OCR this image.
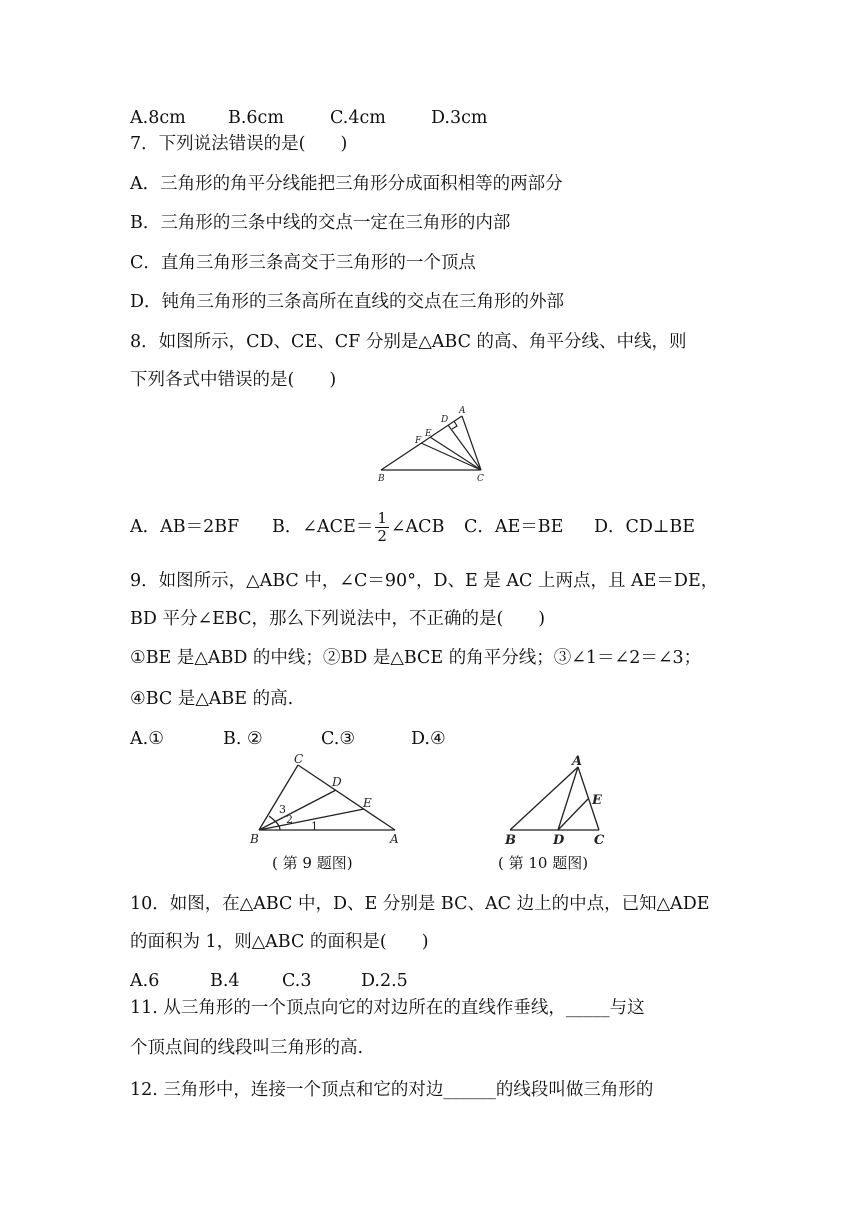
A.8cm B.6cm	C.4cm	D.3cm
7．下列说法错误的是(　　)
A．三角形的角平分线能把三角形分成面积相等的两部分
B．三角形的三条中线的交点一定在三角形的内部
C．直角三角形三条高交于三角形的一个顶点
D．钝角三角形的三条高所在直线的交点在三角形的外部
8．如图所示，CD、CE、CF 分别是△ABC 的高、角平分线、中线，则
下列各式中错误的是(　　)
A
B	C
D
E
F
A．AB＝2BF B．∠ACE＝ $\frac{1}{2}$ ∠ACB C．AE＝BE D．CD⊥BE
9．如图所示，△ABC 中，∠C＝90°，D、E 是 AC 上两点，且 AE＝DE，
BD 平分∠EBC，那么下列说法中，不正确的是(　　)
①BE 是△ABD 的中线；②BD 是△BCE 的角平分线；③∠1＝∠2＝∠3；
④BC 是△ABE 的高.
A.①	B. ②	C.③	D.④
C
D
E
B	A
3
2
1
( 第 9 题图)
A
E
B	D C
( 第 10 题图)
10．如图，在△ABC 中，D、E 分别是 BC、AC 边上的中点，已知△ADE
的面积为 1，则△ABC 的面积是(　　)
A.6	B.4 C.3	D.2.5
11. 从三角形的一个顶点向它的对边所在的直线作垂线，_____与这
个顶点间的线段叫三角形的高.
12. 三角形中，连接一个顶点和它的对边______的线段叫做三角形的
